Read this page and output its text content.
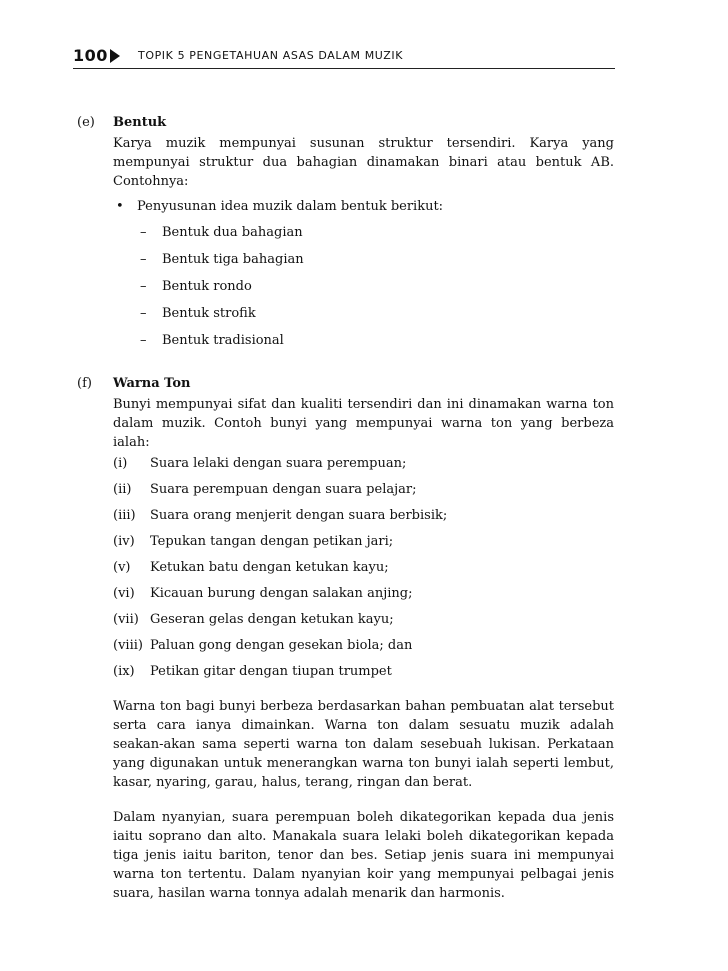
100	TOPIK 5 PENGETAHUAN ASAS DALAM MUZIK
(e) Bentuk
Karya muzik mempunyai susunan struktur tersendiri. Karya yang mempunyai struktur dua bahagian dinamakan binari atau bentuk AB. Contohnya:
• Penyusunan idea muzik dalam bentuk berikut:
– Bentuk dua bahagian
– Bentuk tiga bahagian
– Bentuk rondo
– Bentuk strofik
– Bentuk tradisional
(f) Warna Ton
Bunyi mempunyai sifat dan kualiti tersendiri dan ini dinamakan warna ton dalam muzik. Contoh bunyi yang mempunyai warna ton yang berbeza ialah:
(i) Suara lelaki dengan suara perempuan;
(ii) Suara perempuan dengan suara pelajar;
(iii) Suara orang menjerit dengan suara berbisik;
(iv) Tepukan tangan dengan petikan jari;
(v) Ketukan batu dengan ketukan kayu;
(vi) Kicauan burung dengan salakan anjing;
(vii) Geseran gelas dengan ketukan kayu;
(viii) Paluan gong dengan gesekan biola; dan
(ix) Petikan gitar dengan tiupan trumpet
Warna ton bagi bunyi berbeza berdasarkan bahan pembuatan alat tersebut serta cara ianya dimainkan. Warna ton dalam sesuatu muzik adalah seakan-akan sama seperti warna ton dalam sesebuah lukisan. Perkataan yang digunakan untuk menerangkan warna ton bunyi ialah seperti lembut, kasar, nyaring, garau, halus, terang, ringan dan berat.
Dalam nyanyian, suara perempuan boleh dikategorikan kepada dua jenis iaitu soprano dan alto. Manakala suara lelaki boleh dikategorikan kepada tiga jenis iaitu bariton, tenor dan bes. Setiap jenis suara ini mempunyai warna ton tertentu. Dalam nyanyian koir yang mempunyai pelbagai jenis suara, hasilan warna tonnya adalah menarik dan harmonis.
